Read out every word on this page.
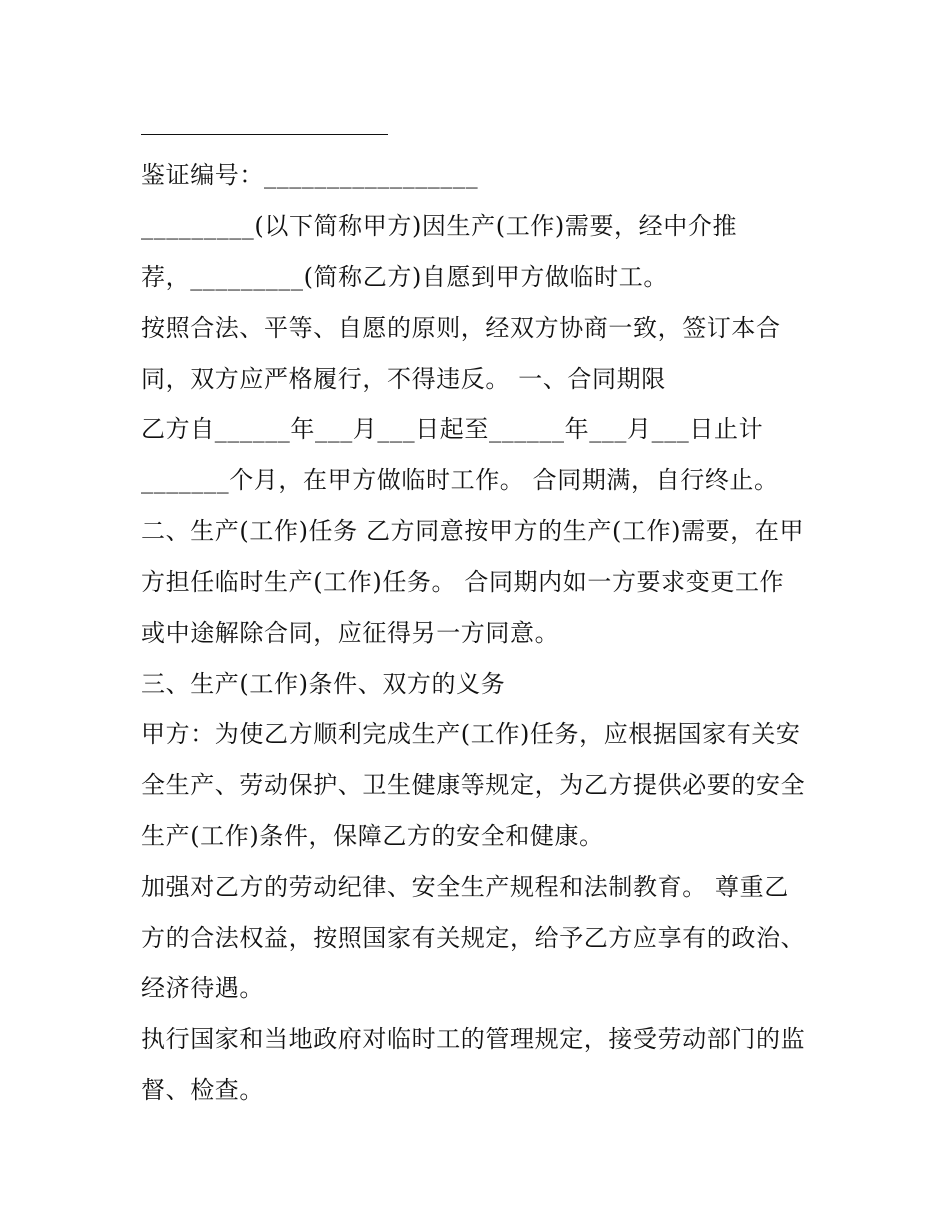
鉴证编号：_________________
_________(以下简称甲方)因生产(工作)需要，经中介推
荐，_________(简称乙方)自愿到甲方做临时工。
按照合法、平等、自愿的原则，经双方协商一致，签订本合
同，双方应严格履行，不得违反。 一、合同期限
乙方自______年___月___日起至______年___月___日止计
_______个月，在甲方做临时工作。 合同期满，自行终止。
二、生产(工作)任务 乙方同意按甲方的生产(工作)需要，在甲
方担任临时生产(工作)任务。 合同期内如一方要求变更工作
或中途解除合同，应征得另一方同意。
三、生产(工作)条件、双方的义务
甲方：为使乙方顺利完成生产(工作)任务，应根据国家有关安
全生产、劳动保护、卫生健康等规定，为乙方提供必要的安全
生产(工作)条件，保障乙方的安全和健康。
加强对乙方的劳动纪律、安全生产规程和法制教育。 尊重乙
方的合法权益，按照国家有关规定，给予乙方应享有的政治、
经济待遇。
执行国家和当地政府对临时工的管理规定，接受劳动部门的监
督、检查。
